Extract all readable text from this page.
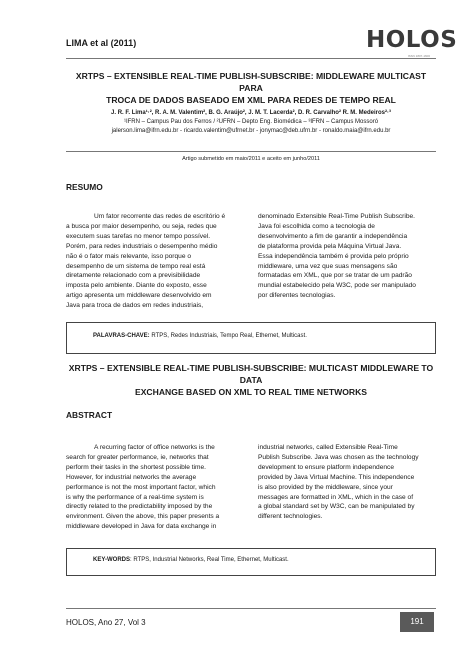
LIMA et al (2011)	HOLOS
ISSN 1807-1600
XRTPS – EXTENSIBLE REAL-TIME PUBLISH-SUBSCRIBE: MIDDLEWARE MULTICAST PARA
TROCA DE DADOS BASEADO EM XML PARA REDES DE TEMPO REAL
J. R. F. Lima¹·², R. A. M. Valentim², B. G. Araújo², J. M. T. Lacerda², D. R. Carvalho² R. M. Medeiros²·³
¹IFRN – Campus Pau dos Ferros / ²UFRN – Depto Eng. Biomédica – ³IFRN – Campus Mossoró
jalerson.lima@ifrn.edu.br - ricardo.valentim@ufrnet.br - jonymac@deb.ufrn.br - ronaldo.maia@ifrn.edu.br
Artigo submetido em maio/2011 e aceito em junho/2011
RESUMO
Um fator recorrente das redes de escritório é
a busca por maior desempenho, ou seja, redes que
executem suas tarefas no menor tempo possível.
Porém, para redes industriais o desempenho médio
não é o fator mais relevante, isso porque o
desempenho de um sistema de tempo real está
diretamente relacionado com a previsibilidade
imposta pelo ambiente. Diante do exposto, esse
artigo apresenta um middleware desenvolvido em
Java para troca de dados em redes industriais,
denominado Extensible Real-Time Publish Subscribe.
Java foi escolhida como a tecnologia de
desenvolvimento a fim de garantir a independência
de plataforma provida pela Máquina Virtual Java.
Essa independência também é provida pelo próprio
middleware, uma vez que suas mensagens são
formatadas em XML, que por se tratar de um padrão
mundial estabelecido pela W3C, pode ser manipulado
por diferentes tecnologias.
PALAVRAS-CHAVE: RTPS, Redes Industriais, Tempo Real, Ethernet, Multicast.
XRTPS – EXTENSIBLE REAL-TIME PUBLISH-SUBSCRIBE: MULTICAST MIDDLEWARE TO DATA
EXCHANGE BASED ON XML TO REAL TIME NETWORKS
ABSTRACT
A recurring factor of office networks is the
search for greater performance, ie, networks that
perform their tasks in the shortest possible time.
However, for industrial networks the average
performance is not the most important factor, which
is why the performance of a real-time system is
directly related to the predictability imposed by the
environment. Given the above, this paper presents a
middleware developed in Java for data exchange in
industrial networks, called Extensible Real-Time
Publish Subscribe. Java was chosen as the technology
development to ensure platform independence
provided by Java Virtual Machine. This independence
is also provided by the middleware, since your
messages are formatted in XML, which in the case of
a global standard set by W3C, can be manipulated by
different technologies.
KEY-WORDS: RTPS, Industrial Networks, Real Time, Ethernet, Multicast.
HOLOS, Ano 27, Vol 3	191
